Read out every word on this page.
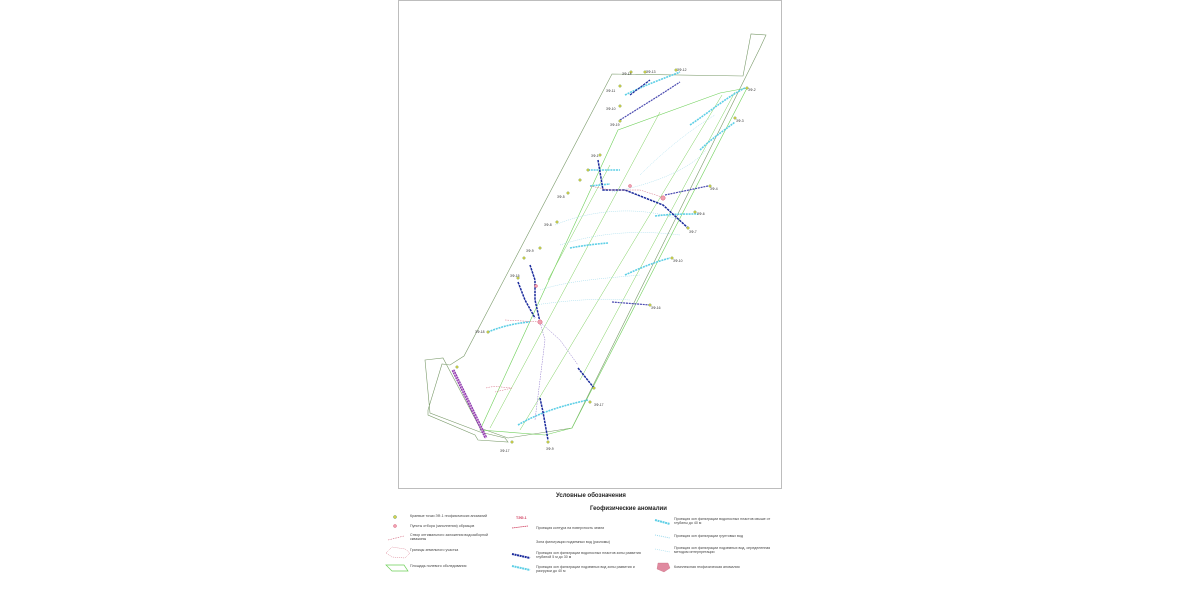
ЗФ-14	ЗФ-13	ЗФ-12
ЗФ-11
ЗФ-10
ЗФ-19
ЗФ-2
ЗФ-3
ЗФ-1
ЗФ-4
ЗФ-5
ЗФ-6
ЗФ-7
ЗФ-8
ЗФ-9
ЗФ-10
ЗФ-15
ЗФ-16
ЗФ-18
ЗФ-17
ЗФ-17	ЗФ-9
Условные обозначения
Геофизические аномалии
Краевые точки ЗФ-1 геофизических аномалий
Пункты отбора (заполнения) образцов
Створ оптимального заложения водозаборной скважины
Границы земельного участка
Площадь полевого обследования
ТЗФ-1
Проекция контура на поверхность земли
Зона фильтрации подземных вод (разломы)
Проекция зон фильтрации водоносных пластов зоны развития глубиной 5 м до 30 м
Проекция зон фильтрации подземных вод зоны развития и разгрузки до 40 м
Проекция зон фильтрации водоносных пластов свыше от глубины до 40 м
Проекция зон фильтрации грунтовых вод
Проекция зон фильтрации подземных вод, определенная методом интерпретации
Комплексная геофизическая аномалия
